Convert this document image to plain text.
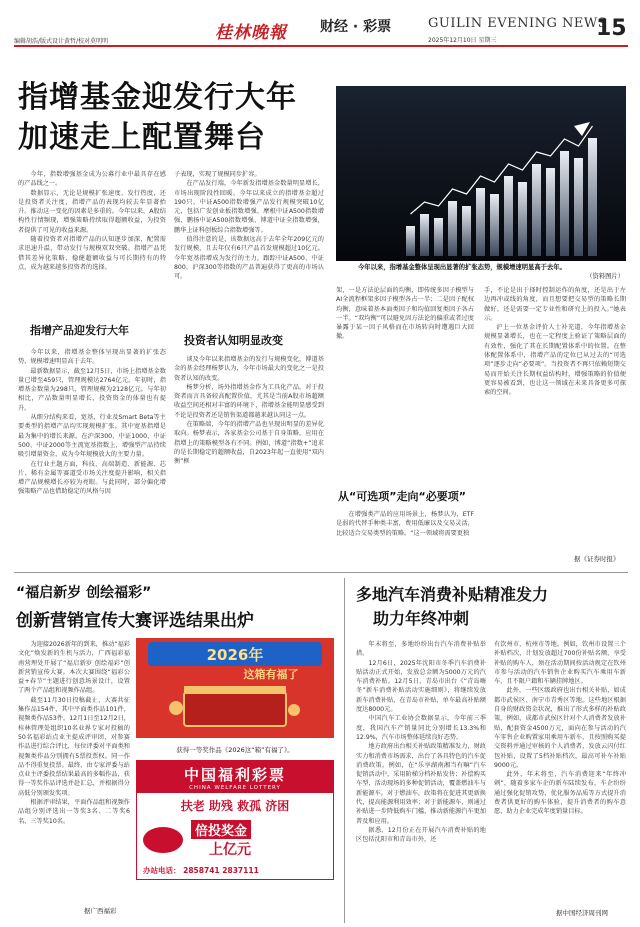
编辑胡浩/版式设计黄哲/校对莫明明	桂林晚報 财经 · 彩票	GUILIN EVENING NEWS
2025年12月10日 星期三	15
指增基金迎发行大年
加速走上配置舞台

今年，指数增强基金成为公募行业中最具存在感的产品线之一。

数据显示，无论是规模扩张速度、发行热度，还是投资者关注度，指增产品的表现均较去年显著抬升。推动这一变化的因素是多重的。今年以来，A股结构性行情频现，增强策略持续取得超额收益，为投资者提供了可见的收益来源。

随着投资者对指增产品的认知逐步加深，配置需求迅速升温，带动发行与规模双双突破。指增产品凭借其差异化策略、稳健超额收益与可长期持有的特点，成为越来越多投资者的选择。

指增产品迎发行大年

今年以来，指增基金整体呈现出显著的扩张态势，规模增速明显高于去年。

最新数据显示，截至12月5日，市场上指增基金数量已增至459只，管理规模达2764亿元。年初时，指增基金数量为298只，管理规模为2128亿元。与年初相比，产品数量明显增长，投资资金的体量也有提升。

从细分结构来看，宽基、行业及Smart Beta等主要类型的指增产品均实现规模扩张。其中宽基指增是最为集中的增长来源。在沪深300、中证1000、中证500、中证2000等主流宽基指数上，增强型产品持续吸引增量资金，成为今年规模放大的主要力量。

在行业主题方面，科技、高端制造、新能源、芯片、稀有金属等赛道受市场关注度提升影响，相关指增产品规模增长亦较为亮眼。与此同时，部分偏化增强策略产品也借助稳定的风格与因

子表现，实现了规模同步扩容。

在产品发行端，今年新发指增基金数量明显增长，市场出现阶段性回暖。今年以来成立的指增基金超过190只，中证A500指数增强产品发行规模突破10亿元，包括广发创业板指数增强、摩根中证A500指数增强、鹏扬中证A500指数增强、博道中证全指数增强，鹏华上证科创板综合指数增强等。

值得注意的是，该数据远高于去年全年209亿元的发行规模，且去年仅有6只产品首发规模超过10亿元。今年宽基指增成为发行的主力，跟踪中证A500、中证800、沪深300等指数的产品普遍获得了更高的市场认可。

投资者认知明显改变

谈及今年以来指增基金的发行与规模变化，博道基金的基金经理杨梦认为，今年市场最大的变化之一是投资者认知的改变。

杨梦分析，场外指增基金作为工具化产品，对于投资者而言具备较高配置价值，尤其是当前A股市场超额收益空间还相对丰富的环境下，指增基金能明显感受到不论是投资者还是销售渠道都越来越认同这一点。

在策略端，今年的指增产品也呈现出明显的差异化取向。杨梦表示，各家基金公司基于自身策略，应用在指增上的策略模型各有不同。例如，博道“指数+”追求的是长期稳定的超额收益，自2023年起一直使用“双内衡”框

今年以来，指增基金整体呈现出显著的扩张态势，规模增速明显高于去年。
（资料图片）

架，一是方法论层面的均衡，即传统多因子模型与AI全流程框架多因子模型各占一半；二是因子配权均衡，意味着基本面类因子和均值回复类因子各占一半。“双均衡”可以避免因方法论的偏重或者过度暴露于某一因子风格而在市场转向时遭遇巨大回撤。

从“可选项”走向“必要项”

在增强类产品的应用场景上，杨梦认为，ETF是弱的代替手种类丰富，费用低廉以及交易灵活，比较适合交易类型的策略。“这一领域将需要更独

手，不论是出于择时控制运作的角度，还是出于左边再冲或线的角度，而且想要把交易型的策略长期做好，还是需要一定专业性和研究上的投入。”她表示。

沪上一位基金评价人士补充道，今年指增基金规模显著增长，也在一定程度上验证了策略层面的有效性，强化了其在长期配置体系中的位置。在整体配置体系中，指增产品的定位已从过去的“可选项”逐步走向“必要项”。当投资者不再只依赖短期交易而开始关注长期权益结构时，增强策略的价值便更容易被看到，也让这一领域在未来具备更多可探索的空间。

据《证券时报》
“福启新岁 创绘福彩”
创新营销宣传大赛评选结果出炉

为迎接2026新年的到来，推动“福彩文化”焕发新的生机与活力，广西福彩福南营理处开展了“福启新岁 创绘福彩”创新营销宣传大赛。本次大赛围绕“福彩公益+春节”主题进行创意场景设计，设置了两个产品组和视频作品组。

截至11月30日投稿截止，大赛共征集作品154件，其中平面类作品101件，视频类作品53件。12月1日至12月2日，桂林管理处组织10名业界专家对投稿的50名福彩站点业主提成评审团，对参赛作品进行综合评比，每位评委对平面类和视频类作品分别拥有5票投票权。同一作品不得重复投票。最终，由专家评委与站点业主评委投票结果最高的多幅作品，获得一等奖作品评选并赴汇总，并根据得分高低分别颁发奖项。

根据评审结果，平面作品组和视频作品组分别评选出一等奖3名、二等奖6名、三等奖10名。

2026年
这箱有福了
获得一等奖作品《2026这“箱”有福了》。
中国福利彩票
CHINA WELFARE LOTTERY
扶老 助残 救孤 济困
倍投奖金
上亿元
办站电话： 2858741 2837111
据广西福彩
多地汽车消费补贴精准发力
助力年终冲刺

年末将至，多地纷纷出台汽车消费补贴举措。

12月6日，2025年沈阳市冬季汽车消费补贴活动正式开始，发放总金额为5000万元的汽车消费补贴。12月5日，青岛市出台《“青岛嗨冬”新车消费补贴活动实施细则》，将继续发放新车消费补贴，在青岛市补贴，单车最高补贴额度达8000元。

中国汽车工业协会数据显示，今年前三季度，我国汽车产销量同比分别增长13.3%和12.9%，汽车市场整体延续良好态势。

地方政府出台相关补贴政策精准发力，财政实力和消费市场需求，出台了各具特色的汽车促消费政策。例如，在“乐享湖南湘当有嘛”汽车促销活动中，采用阶梯分档补贴发售；补偿购买车型，活动现场的多种促销活动，覆盖燃油车与新能源车。对于燃油车，政策将在促进其更新换代，提高能源利用效率；对于新能源车，则通过补贴进一步降低购车门槛，推动新能源汽车更加普及和应用。

据悉，12月份正在开展汽车消费补贴的地区包括沈阳市和青岛市外，还

有饮州市、杭州市等地。例如，钦州市设置三个补贴档次，计划发放超过700份补贴名额，享受补贴的购车人，须在活动期间按活动规定在钦州市参与活动的汽车销售企业购买汽车乘用车新车，且不限户籍和车辆挂牌地区。

此外，一些区级政府也出台相关补贴，如成都市武侯区、南宁市青秀区等地。这些地区根据自身的财政资金状况，推出了形式多样的补贴政策。例如，成都市武侯区针对个人消费者发放补贴，配套资金4500万元，面向在参与活动的汽车零售企业购置家用乘用车新车，且按照购买提交资料并通过审核的个人消费者，发放云闪付红包补贴，设置了5档补贴档次，最高可补车补贴9000元。

此外，年末将至，汽车消费迎来“年终冲刺”，随着多家车企的新车陆续发布，车企纷纷通过强化促销攻势，优化服务品质等方式提升消费者供更好的购车体验，提升消费者的购车意愿，助力企业完成年度销量目标。

据中国经济周刊网
